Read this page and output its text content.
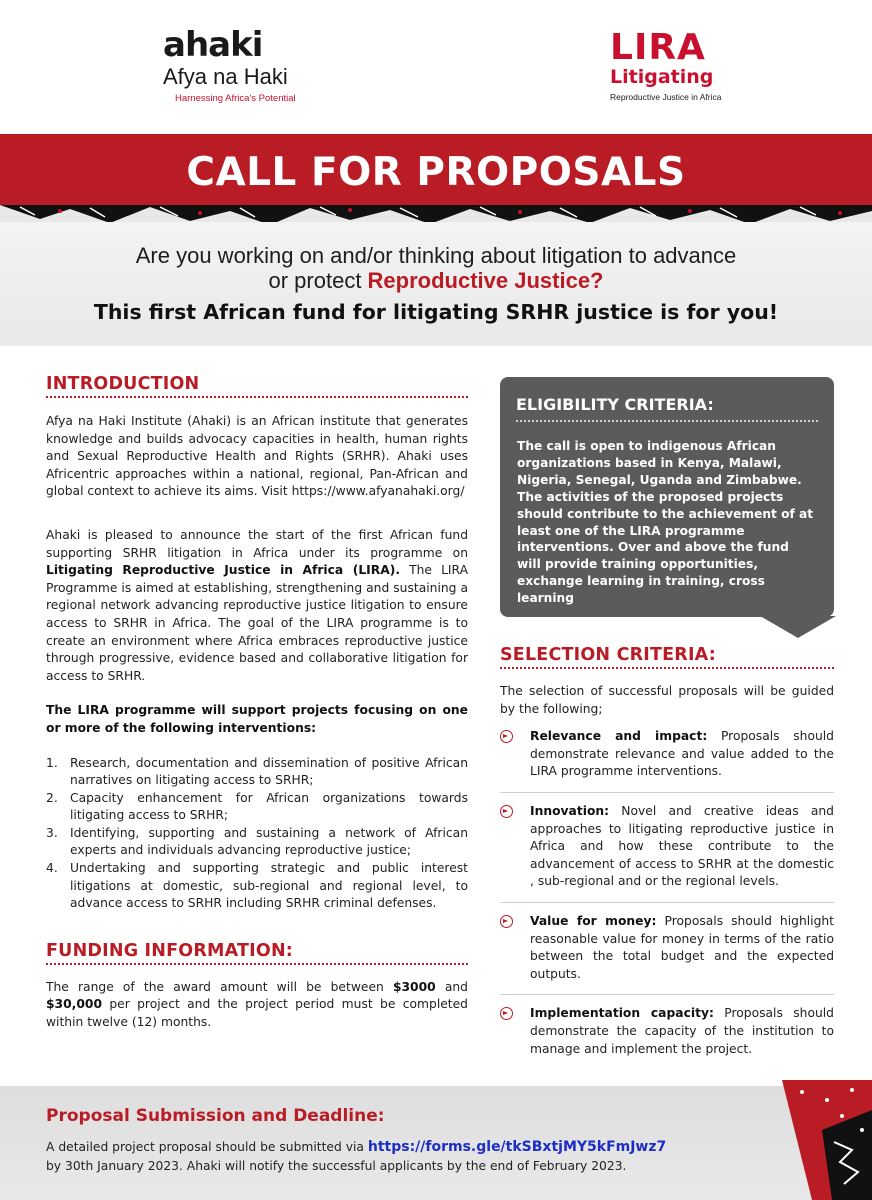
ahaki
Afya na Haki
Harnessing Africa's Potential
LIRA
Litigating
Reproductive Justice in Africa
CALL FOR PROPOSALS
Are you working on and/or thinking about litigation to advance
or protect Reproductive Justice?
This first African fund for litigating SRHR justice is for you!
INTRODUCTION

Afya na Haki Institute (Ahaki) is an African institute that generates knowledge and builds advocacy capacities in health, human rights and Sexual Reproductive Health and Rights (SRHR). Ahaki uses Africentric approaches within a national, regional, Pan-African and global context to achieve its aims. Visit https://www.afyanahaki.org/

Ahaki is pleased to announce the start of the first African fund supporting SRHR litigation in Africa under its programme on Litigating Reproductive Justice in Africa (LIRA). The LIRA Programme is aimed at establishing, strengthening and sustaining a regional network advancing reproductive justice litigation to ensure access to SRHR in Africa. The goal of the LIRA programme is to create an environment where Africa embraces reproductive justice through progressive, evidence based and collaborative litigation for access to SRHR.

The LIRA programme will support projects focusing on one or more of the following interventions:

1. Research, documentation and dissemination of positive African narratives on litigating access to SRHR;
2. Capacity enhancement for African organizations towards litigating access to SRHR;
3. Identifying, supporting and sustaining a network of African experts and individuals advancing reproductive justice;
4. Undertaking and supporting strategic and public interest litigations at domestic, sub-regional and regional level, to advance access to SRHR including SRHR criminal defenses.
FUNDING INFORMATION:

The range of the award amount will be between $3000 and $30,000 per project and the project period must be completed within twelve (12) months.

ELIGIBILITY CRITERIA:
The call is open to indigenous African organizations based in Kenya, Malawi, Nigeria, Senegal, Uganda and Zimbabwe. The activities of the proposed projects should contribute to the achievement of at least one of the LIRA programme interventions. Over and above the fund will provide training opportunities, exchange learning in training, cross learning
SELECTION CRITERIA:

The selection of successful proposals will be guided by the following;

Relevance and impact: Proposals should demonstrate relevance and value added to the LIRA programme interventions.
Innovation: Novel and creative ideas and approaches to litigating reproductive justice in Africa and how these contribute to the advancement of access to SRHR at the domestic , sub-regional and or the regional levels.
Value for money: Proposals should highlight reasonable value for money in terms of the ratio between the total budget and the expected outputs.
Implementation capacity: Proposals should demonstrate the capacity of the institution to manage and implement the project.
Proposal Submission and Deadline:
A detailed project proposal should be submitted via https://forms.gle/tkSBxtjMY5kFmJwz7
by 30th January 2023. Ahaki will notify the successful applicants by the end of February 2023.
